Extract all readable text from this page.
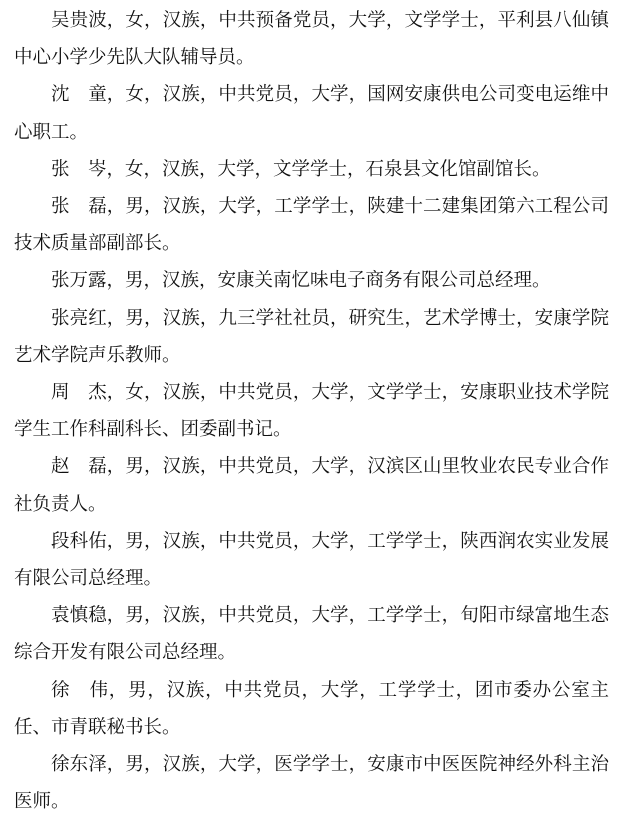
吴贵波，女，汉族，中共预备党员，大学，文学学士，平利县八仙镇中心小学少先队大队辅导员。

沈　童，女，汉族，中共党员，大学，国网安康供电公司变电运维中心职工。

张　岑，女，汉族，大学，文学学士，石泉县文化馆副馆长。

张　磊，男，汉族，大学，工学学士，陕建十二建集团第六工程公司技术质量部副部长。

张万露，男，汉族，安康关南忆味电子商务有限公司总经理。

张亮红，男，汉族，九三学社社员，研究生，艺术学博士，安康学院艺术学院声乐教师。

周　杰，女，汉族，中共党员，大学，文学学士，安康职业技术学院学生工作科副科长、团委副书记。

赵　磊，男，汉族，中共党员，大学，汉滨区山里牧业农民专业合作社负责人。

段科佑，男，汉族，中共党员，大学，工学学士，陕西润农实业发展有限公司总经理。

袁慎稳，男，汉族，中共党员，大学，工学学士，旬阳市绿富地生态综合开发有限公司总经理。

徐　伟，男，汉族，中共党员，大学，工学学士，团市委办公室主任、市青联秘书长。

徐东泽，男，汉族，大学，医学学士，安康市中医医院神经外科主治医师。
